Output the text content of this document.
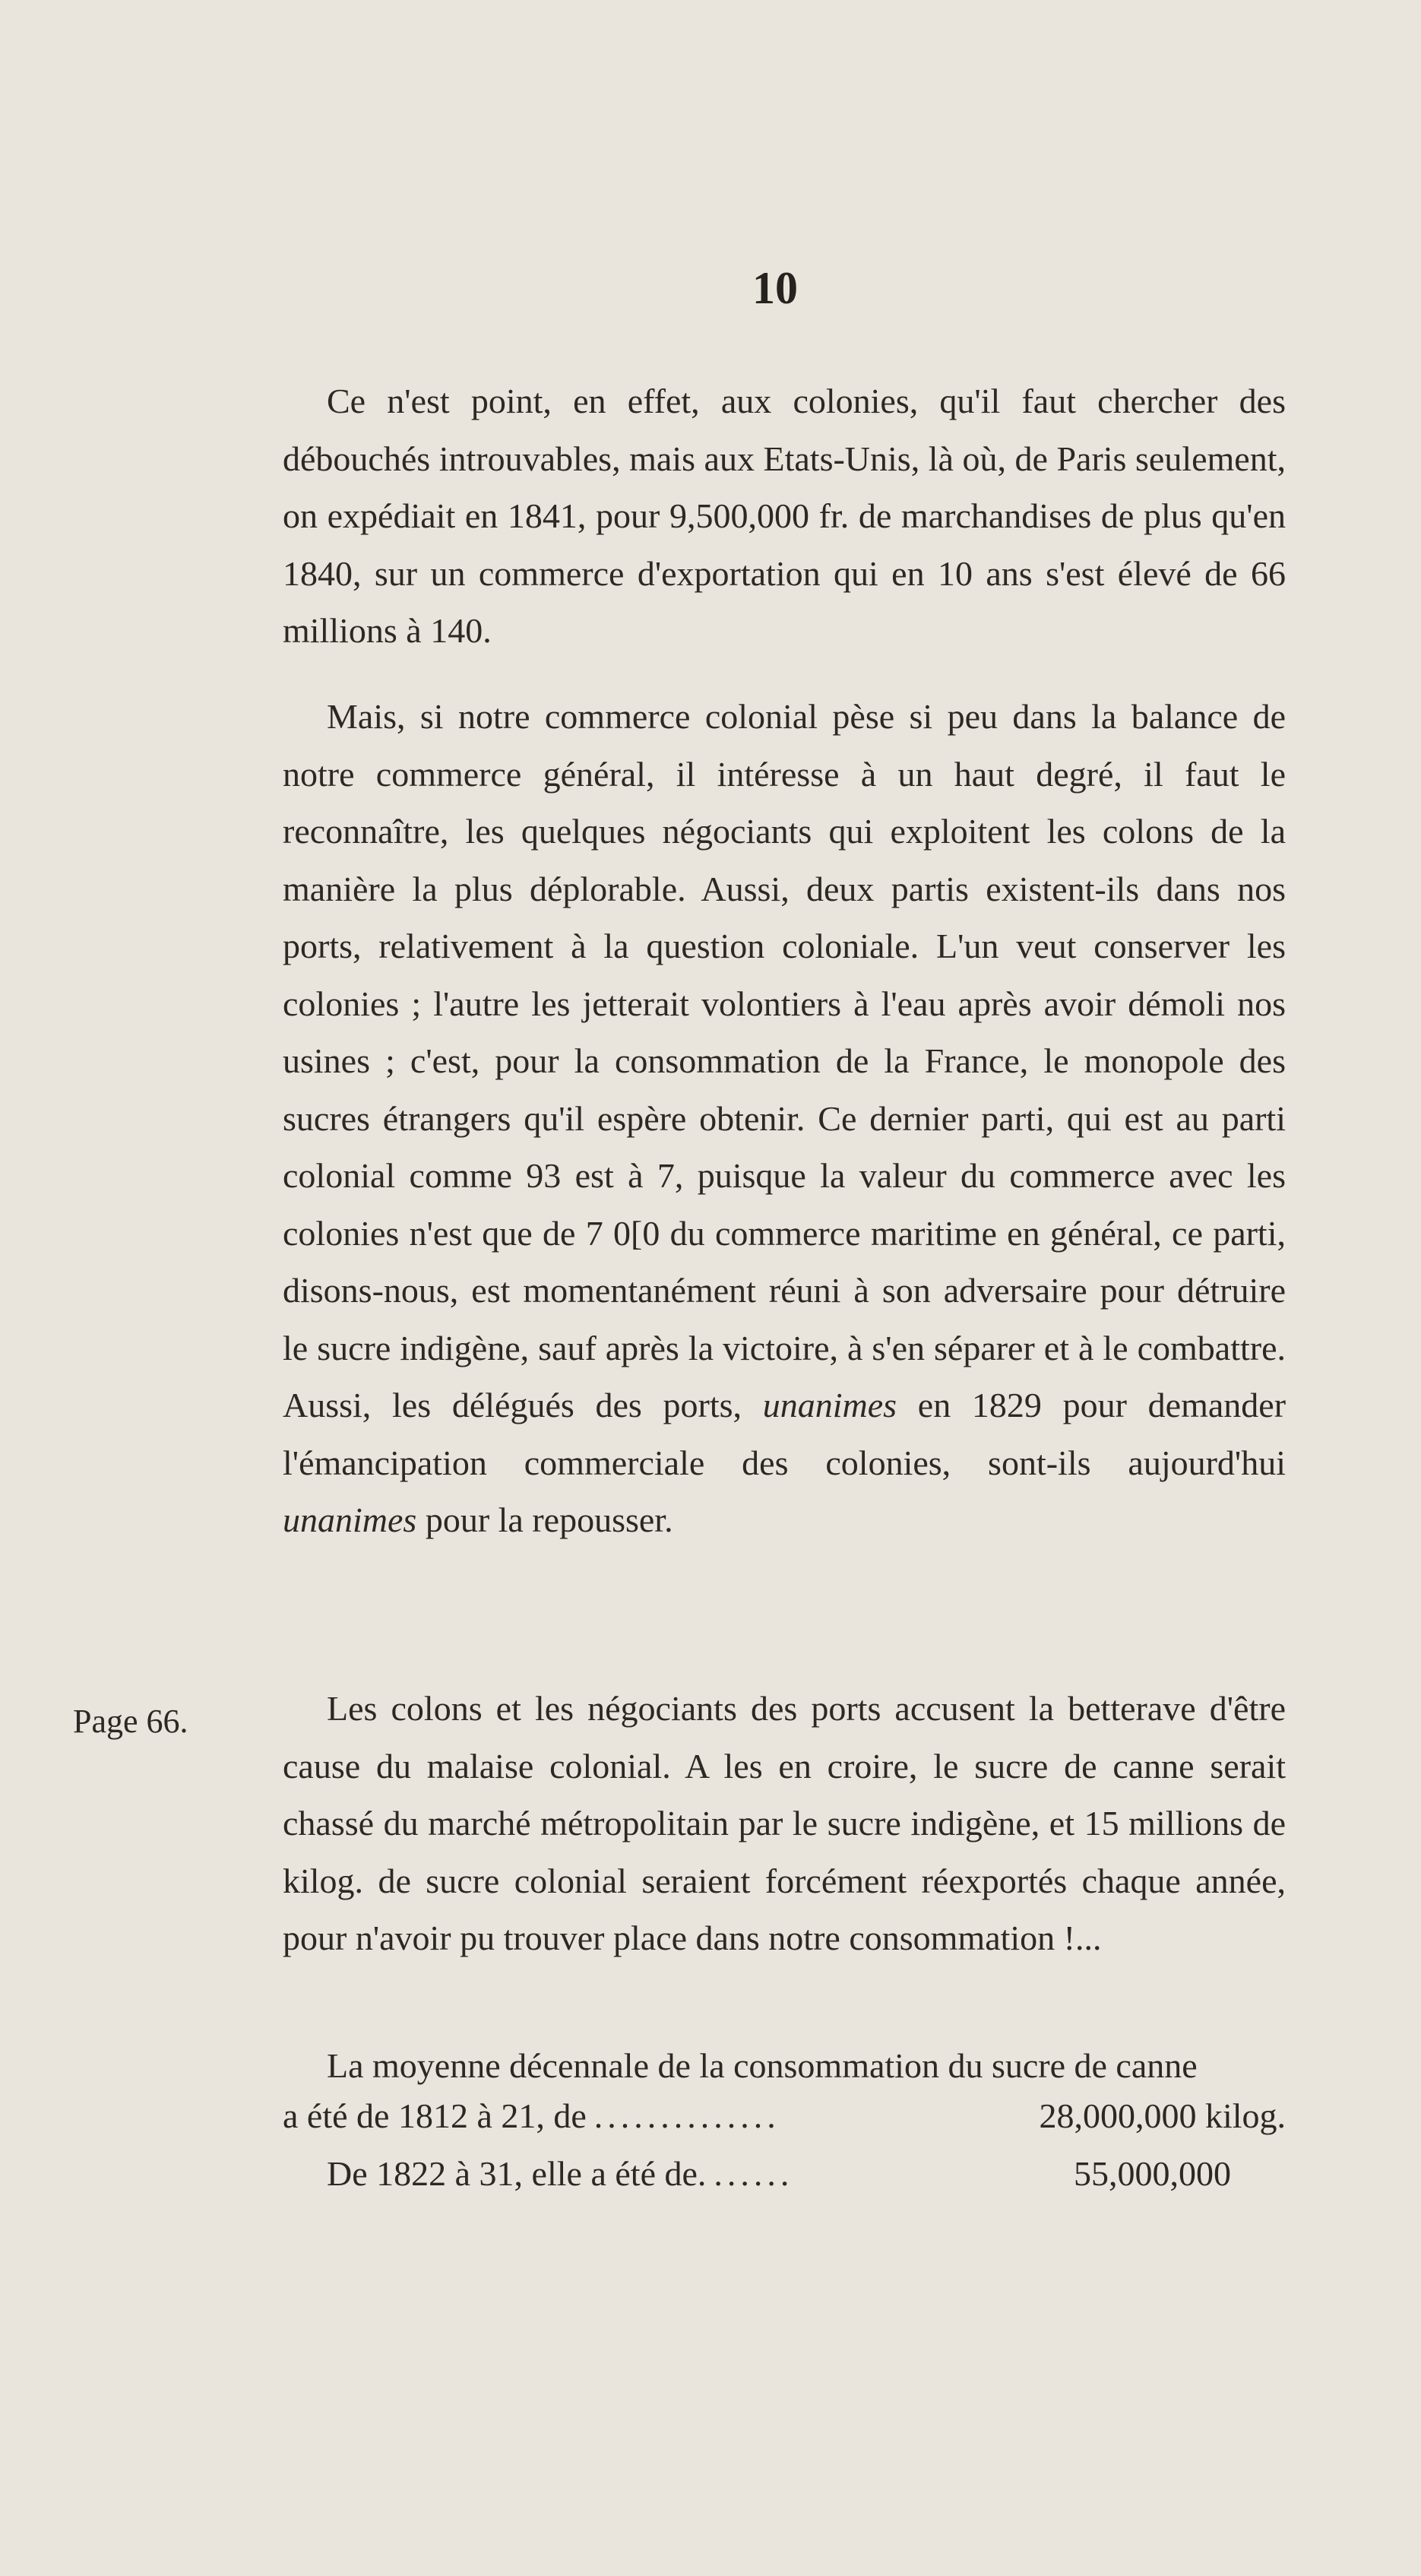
10

Ce n'est point, en effet, aux colonies, qu'il faut chercher des débouchés introuvables, mais aux Etats-Unis, là où, de Paris seulement, on expédiait en 1841, pour 9,500,000 fr. de marchandises de plus qu'en 1840, sur un commerce d'exportation qui en 10 ans s'est élevé de 66 millions à 140.

Mais, si notre commerce colonial pèse si peu dans la balance de notre commerce général, il intéresse à un haut degré, il faut le reconnaître, les quelques négociants qui exploitent les colons de la manière la plus déplorable. Aussi, deux partis existent-ils dans nos ports, relativement à la question coloniale. L'un veut conserver les colonies ; l'autre les jetterait volontiers à l'eau après avoir démoli nos usines ; c'est, pour la consommation de la France, le monopole des sucres étrangers qu'il espère obtenir. Ce dernier parti, qui est au parti colonial comme 93 est à 7, puisque la valeur du commerce avec les colonies n'est que de 7 0[0 du commerce maritime en général, ce parti, disons-nous, est momentanément réuni à son adversaire pour détruire le sucre indigène, sauf après la victoire, à s'en séparer et à le combattre. Aussi, les délégués des ports, unanimes en 1829 pour demander l'émancipation commerciale des colonies, sont-ils aujourd'hui unanimes pour la repousser.

Page 66.	Les colons et les négociants des ports accusent la betterave d'être cause du malaise colonial. A les en croire, le sucre de canne serait chassé du marché métropolitain par le sucre indigène, et 15 millions de kilog. de sucre colonial seraient forcément réexportés chaque année, pour n'avoir pu trouver place dans notre consommation !...

La moyenne décennale de la consommation du sucre de canne

a été de 1812 à 21, de ..............	28,000,000 kilog.
De 1822 à 31, elle a été de. ......	55,000,000
